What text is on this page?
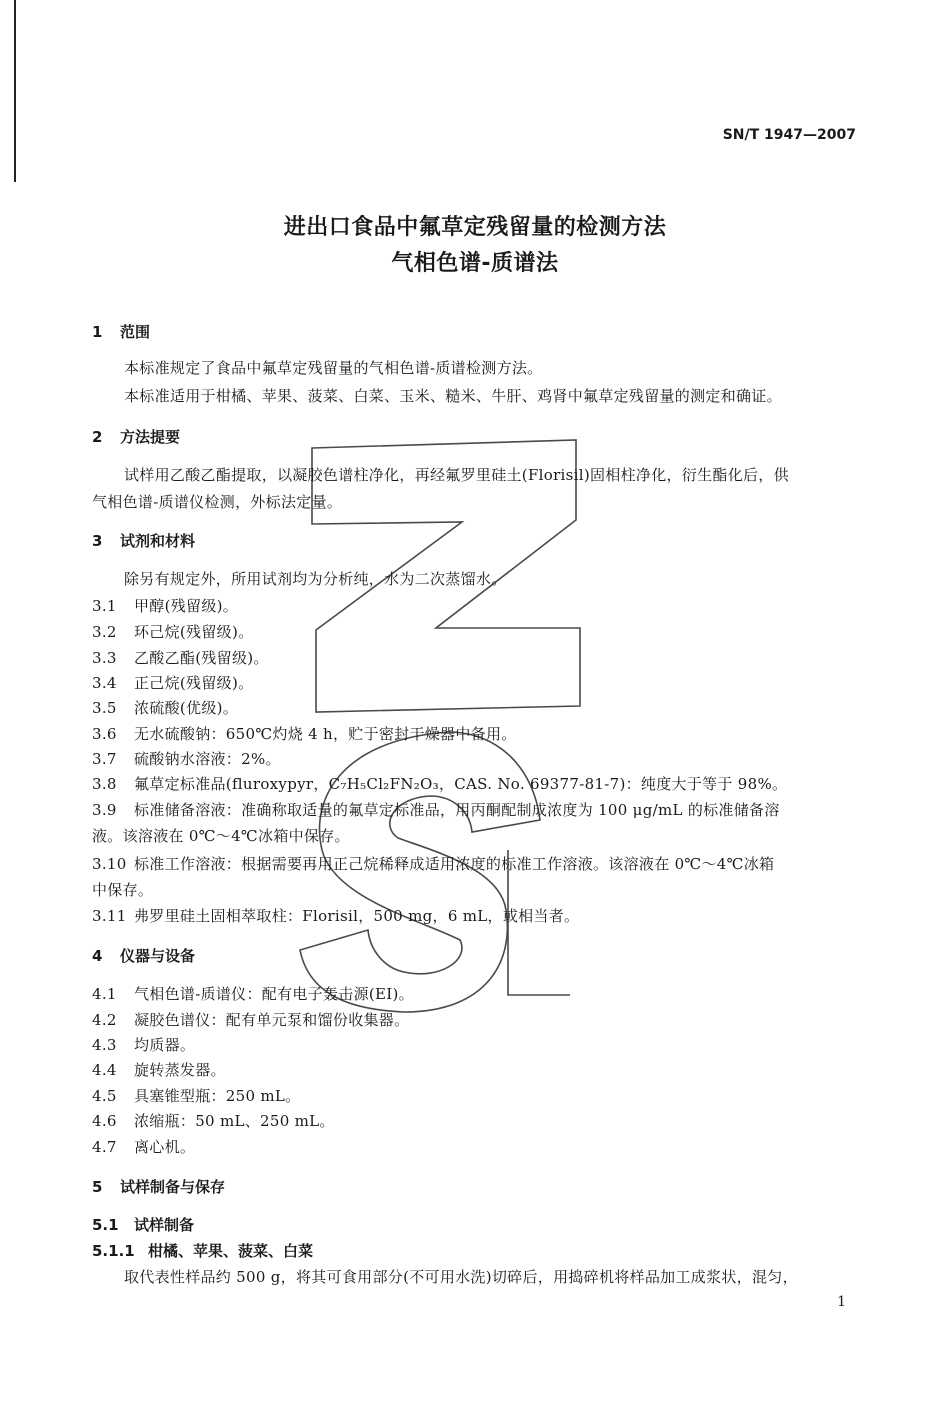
SN/T 1947—2007
进出口食品中氟草定残留量的检测方法
气相色谱-质谱法
1 范围
本标准规定了食品中氟草定残留量的气相色谱-质谱检测方法。
本标准适用于柑橘、苹果、菠菜、白菜、玉米、糙米、牛肝、鸡肾中氟草定残留量的测定和确证。
2 方法提要
试样用乙酸乙酯提取，以凝胶色谱柱净化，再经氟罗里硅土(Florisil)固相柱净化，衍生酯化后，供
气相色谱-质谱仪检测，外标法定量。
3 试剂和材料
除另有规定外，所用试剂均为分析纯，水为二次蒸馏水。
3.1 甲醇(残留级)。
3.2 环己烷(残留级)。
3.3 乙酸乙酯(残留级)。
3.4 正己烷(残留级)。
3.5 浓硫酸(优级)。
3.6 无水硫酸钠：650℃灼烧 4 h，贮于密封干燥器中备用。
3.7 硫酸钠水溶液：2%。
3.8 氟草定标准品(fluroxypyr，C₇H₅Cl₂FN₂O₃，CAS. No. 69377-81-7)：纯度大于等于 98%。
3.9 标准储备溶液：准确称取适量的氟草定标准品，用丙酮配制成浓度为 100 μg/mL 的标准储备溶
液。该溶液在 0℃～4℃冰箱中保存。
3.10 标准工作溶液：根据需要再用正己烷稀释成适用浓度的标准工作溶液。该溶液在 0℃～4℃冰箱
中保存。
3.11 弗罗里硅土固相萃取柱：Florisil，500 mg，6 mL，或相当者。
4 仪器与设备
4.1 气相色谱-质谱仪：配有电子轰击源(EI)。
4.2 凝胶色谱仪：配有单元泵和馏份收集器。
4.3 均质器。
4.4 旋转蒸发器。
4.5 具塞锥型瓶：250 mL。
4.6 浓缩瓶：50 mL、250 mL。
4.7 离心机。
5 试样制备与保存
5.1 试样制备
5.1.1 柑橘、苹果、菠菜、白菜
取代表性样品约 500 g，将其可食用部分(不可用水洗)切碎后，用捣碎机将样品加工成浆状，混匀，
1
